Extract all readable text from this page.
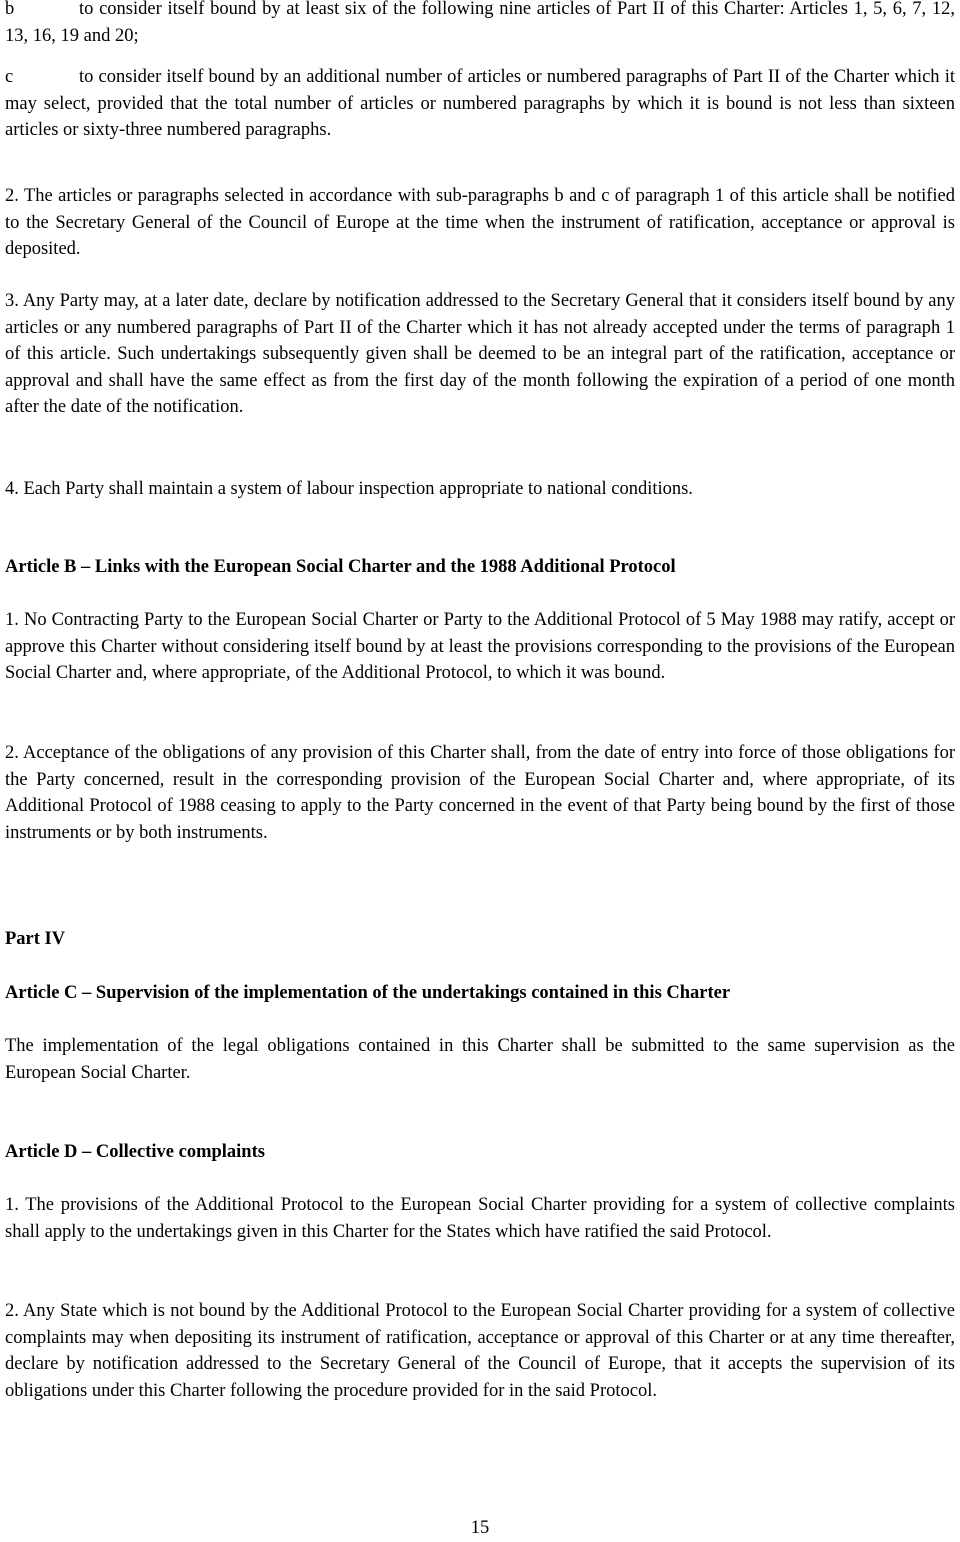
b	to consider itself bound by at least six of the following nine articles of Part II of this Charter: Articles 1, 5, 6, 7, 12, 13, 16, 19 and 20;

c	to consider itself bound by an additional number of articles or numbered paragraphs of Part II of the Charter which it may select, provided that the total number of articles or numbered paragraphs by which it is bound is not less than sixteen articles or sixty-three numbered paragraphs.

2. The articles or paragraphs selected in accordance with sub-paragraphs b and c of paragraph 1 of this article shall be notified to the Secretary General of the Council of Europe at the time when the instrument of ratification, acceptance or approval is deposited.

3. Any Party may, at a later date, declare by notification addressed to the Secretary General that it considers itself bound by any articles or any numbered paragraphs of Part II of the Charter which it has not already accepted under the terms of paragraph 1 of this article. Such undertakings subsequently given shall be deemed to be an integral part of the ratification, acceptance or approval and shall have the same effect as from the first day of the month following the expiration of a period of one month after the date of the notification.

4. Each Party shall maintain a system of labour inspection appropriate to national conditions.

Article B – Links with the European Social Charter and the 1988 Additional Protocol

1. No Contracting Party to the European Social Charter or Party to the Additional Protocol of 5 May 1988 may ratify, accept or approve this Charter without considering itself bound by at least the provisions corresponding to the provisions of the European Social Charter and, where appropriate, of the Additional Protocol, to which it was bound.

2. Acceptance of the obligations of any provision of this Charter shall, from the date of entry into force of those obligations for the Party concerned, result in the corresponding provision of the European Social Charter and, where appropriate, of its Additional Protocol of 1988 ceasing to apply to the Party concerned in the event of that Party being bound by the first of those instruments or by both instruments.

Part IV
Article C – Supervision of the implementation of the undertakings contained in this Charter

The implementation of the legal obligations contained in this Charter shall be submitted to the same supervision as the European Social Charter.

Article D – Collective complaints

1. The provisions of the Additional Protocol to the European Social Charter providing for a system of collective complaints shall apply to the undertakings given in this Charter for the States which have ratified the said Protocol.

2. Any State which is not bound by the Additional Protocol to the European Social Charter providing for a system of collective complaints may when depositing its instrument of ratification, acceptance or approval of this Charter or at any time thereafter, declare by notification addressed to the Secretary General of the Council of Europe, that it accepts the supervision of its obligations under this Charter following the procedure provided for in the said Protocol.

15
